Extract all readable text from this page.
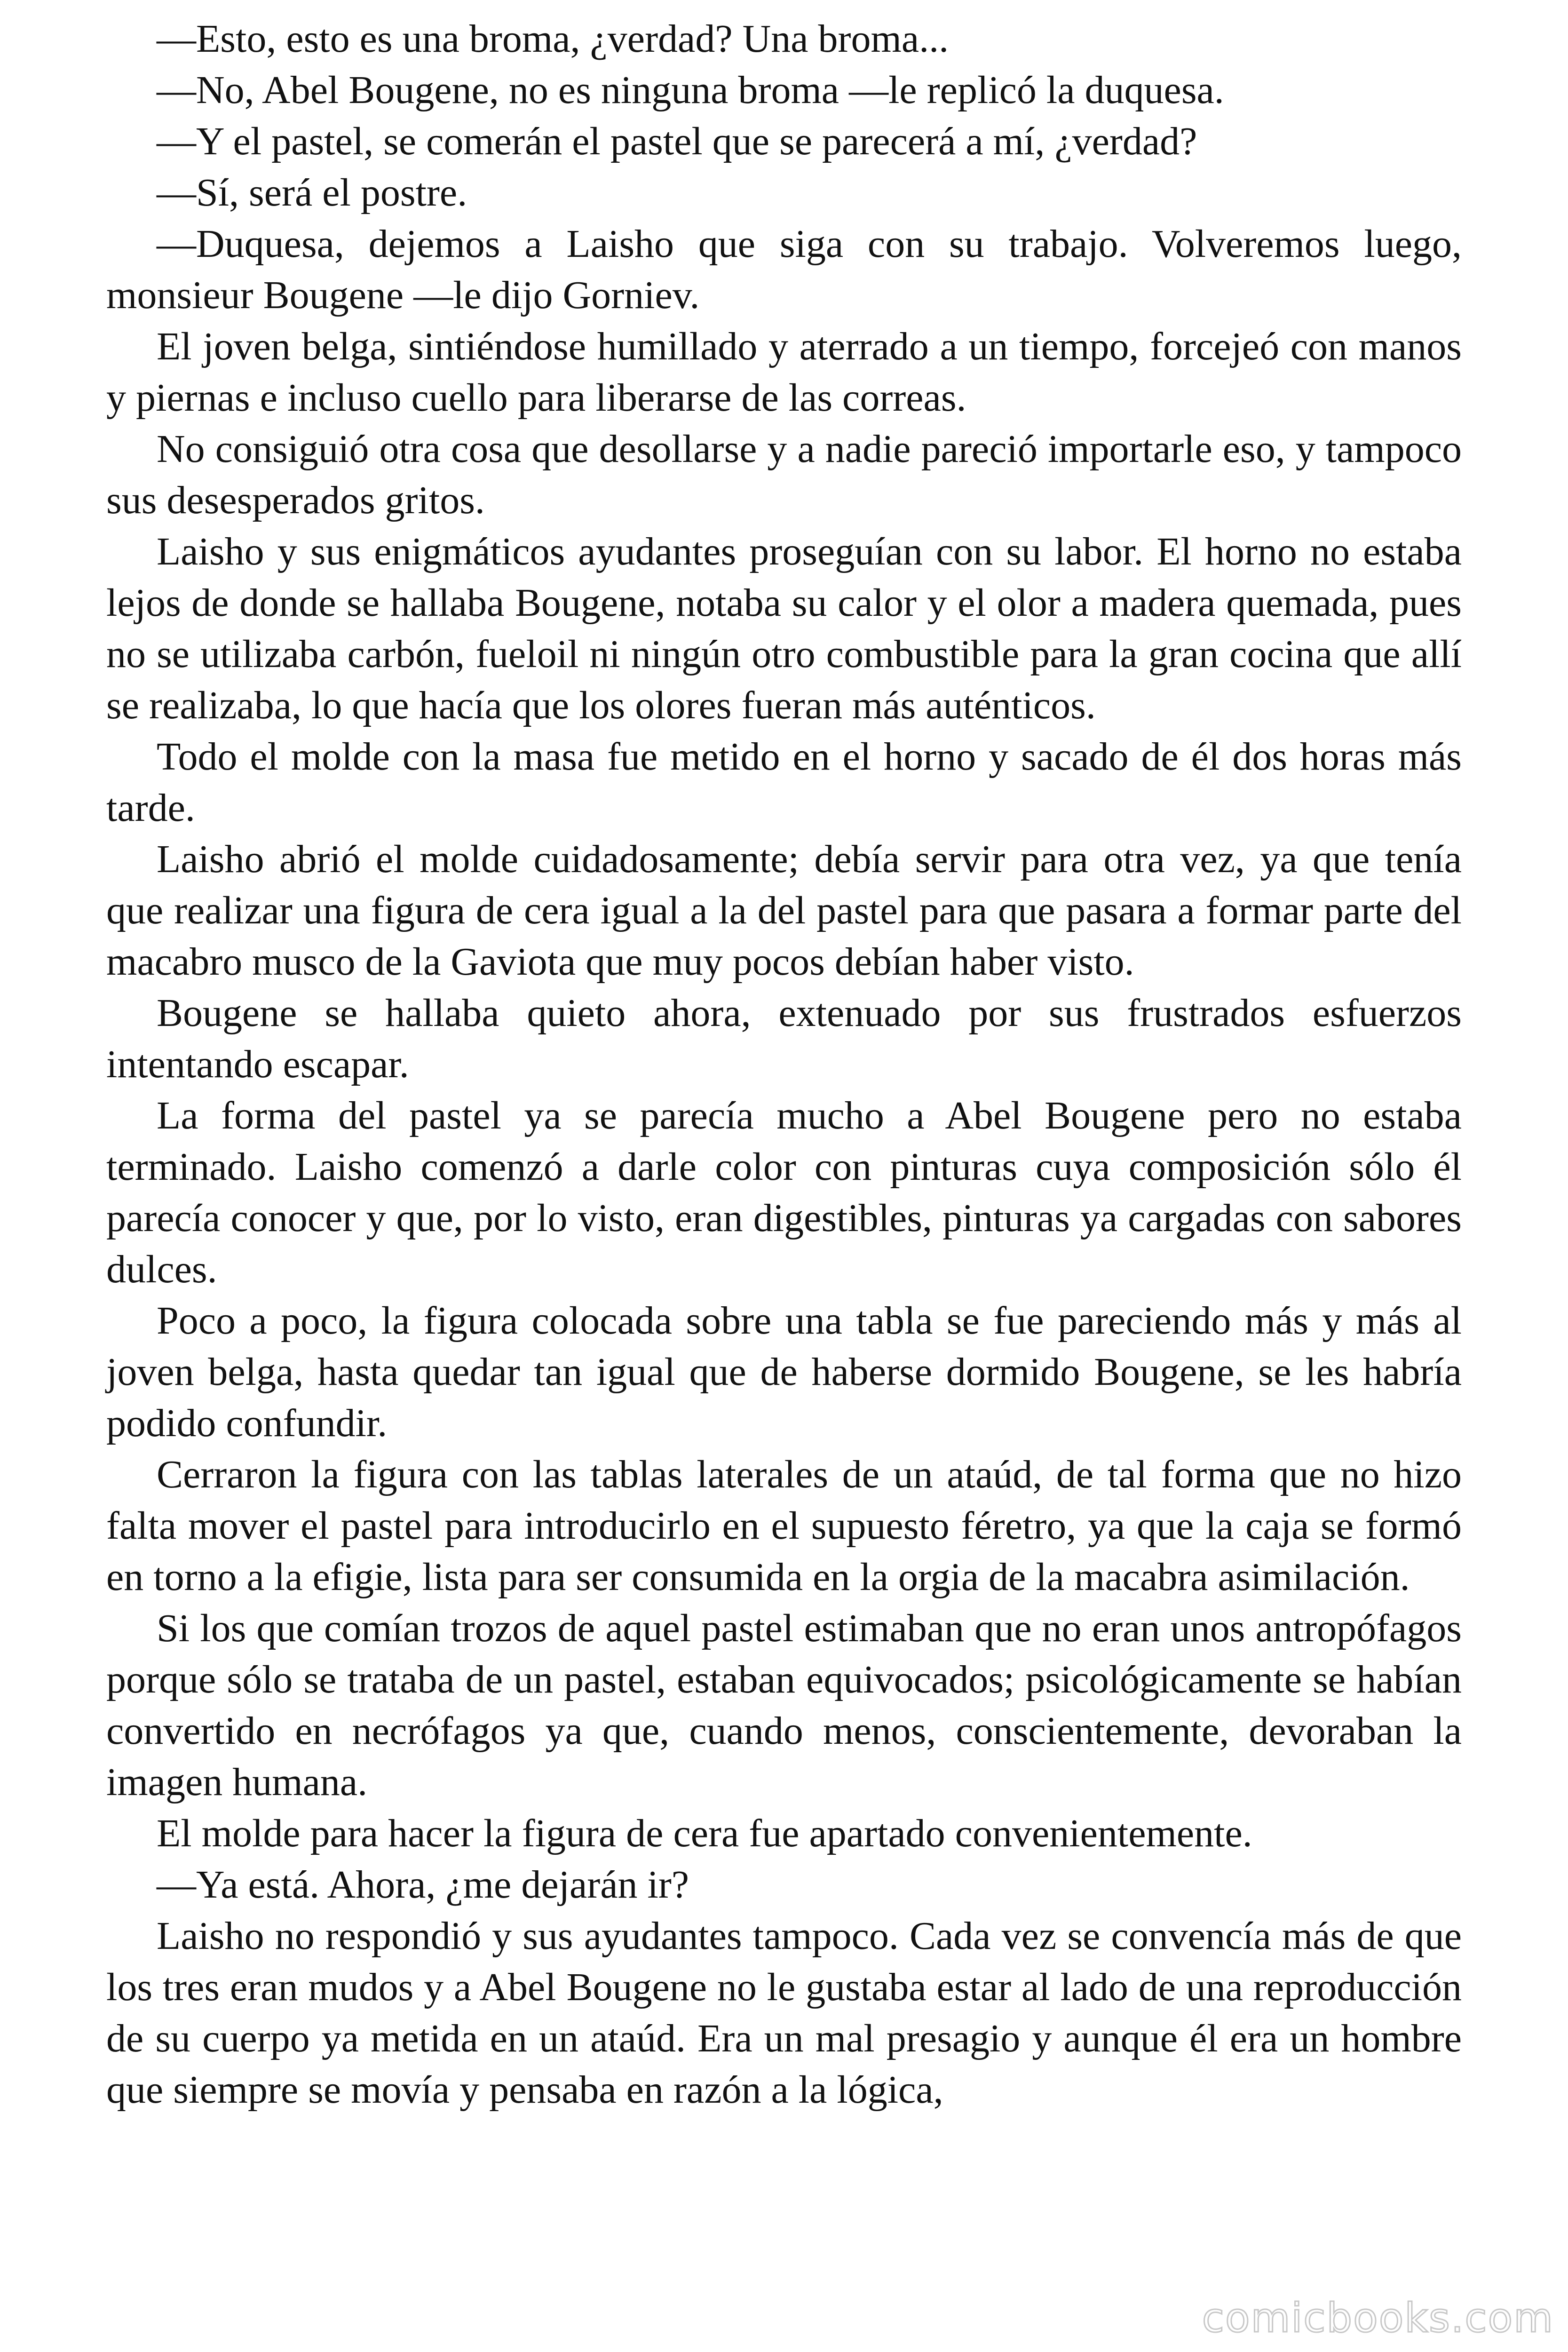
—Esto, esto es una broma, ¿verdad? Una broma...

—No, Abel Bougene, no es ninguna broma —le replicó la duquesa.

—Y el pastel, se comerán el pastel que se parecerá a mí, ¿verdad?

—Sí, será el postre.

—Duquesa, dejemos a Laisho que siga con su trabajo. Volveremos luego, monsieur Bougene —le dijo Gorniev.

El joven belga, sintiéndose humillado y aterrado a un tiempo, forcejeó con manos y piernas e incluso cuello para liberarse de las correas.

No consiguió otra cosa que desollarse y a nadie pareció importarle eso, y tampoco sus desesperados gritos.

Laisho y sus enigmáticos ayudantes proseguían con su labor. El horno no estaba lejos de donde se hallaba Bougene, notaba su calor y el olor a madera quemada, pues no se utilizaba carbón, fueloil ni ningún otro combustible para la gran cocina que allí se realizaba, lo que hacía que los olores fueran más auténticos.

Todo el molde con la masa fue metido en el horno y sacado de él dos horas más tarde.

Laisho abrió el molde cuidadosamente; debía servir para otra vez, ya que tenía que realizar una figura de cera igual a la del pastel para que pasara a formar parte del macabro musco de la Gaviota que muy pocos debían haber visto.

Bougene se hallaba quieto ahora, extenuado por sus frustrados esfuerzos intentando escapar.

La forma del pastel ya se parecía mucho a Abel Bougene pero no estaba terminado. Laisho comenzó a darle color con pinturas cuya composición sólo él parecía conocer y que, por lo visto, eran digestibles, pinturas ya cargadas con sabores dulces.

Poco a poco, la figura colocada sobre una tabla se fue pareciendo más y más al joven belga, hasta quedar tan igual que de haberse dormido Bougene, se les habría podido confundir.

Cerraron la figura con las tablas laterales de un ataúd, de tal forma que no hizo falta mover el pastel para introducirlo en el supuesto féretro, ya que la caja se formó en torno a la efigie, lista para ser consumida en la orgia de la macabra asimilación.

Si los que comían trozos de aquel pastel estimaban que no eran unos antropófagos porque sólo se trataba de un pastel, estaban equivocados; psicológicamente se habían convertido en necrófagos ya que, cuando menos, conscientemente, devoraban la imagen humana.

El molde para hacer la figura de cera fue apartado convenientemente.

—Ya está. Ahora, ¿me dejarán ir?

Laisho no respondió y sus ayudantes tampoco. Cada vez se convencía más de que los tres eran mudos y a Abel Bougene no le gustaba estar al lado de una reproducción de su cuerpo ya metida en un ataúd. Era un mal presagio y aunque él era un hombre que siempre se movía y pensaba en razón a la lógica,

comicbooks.com
